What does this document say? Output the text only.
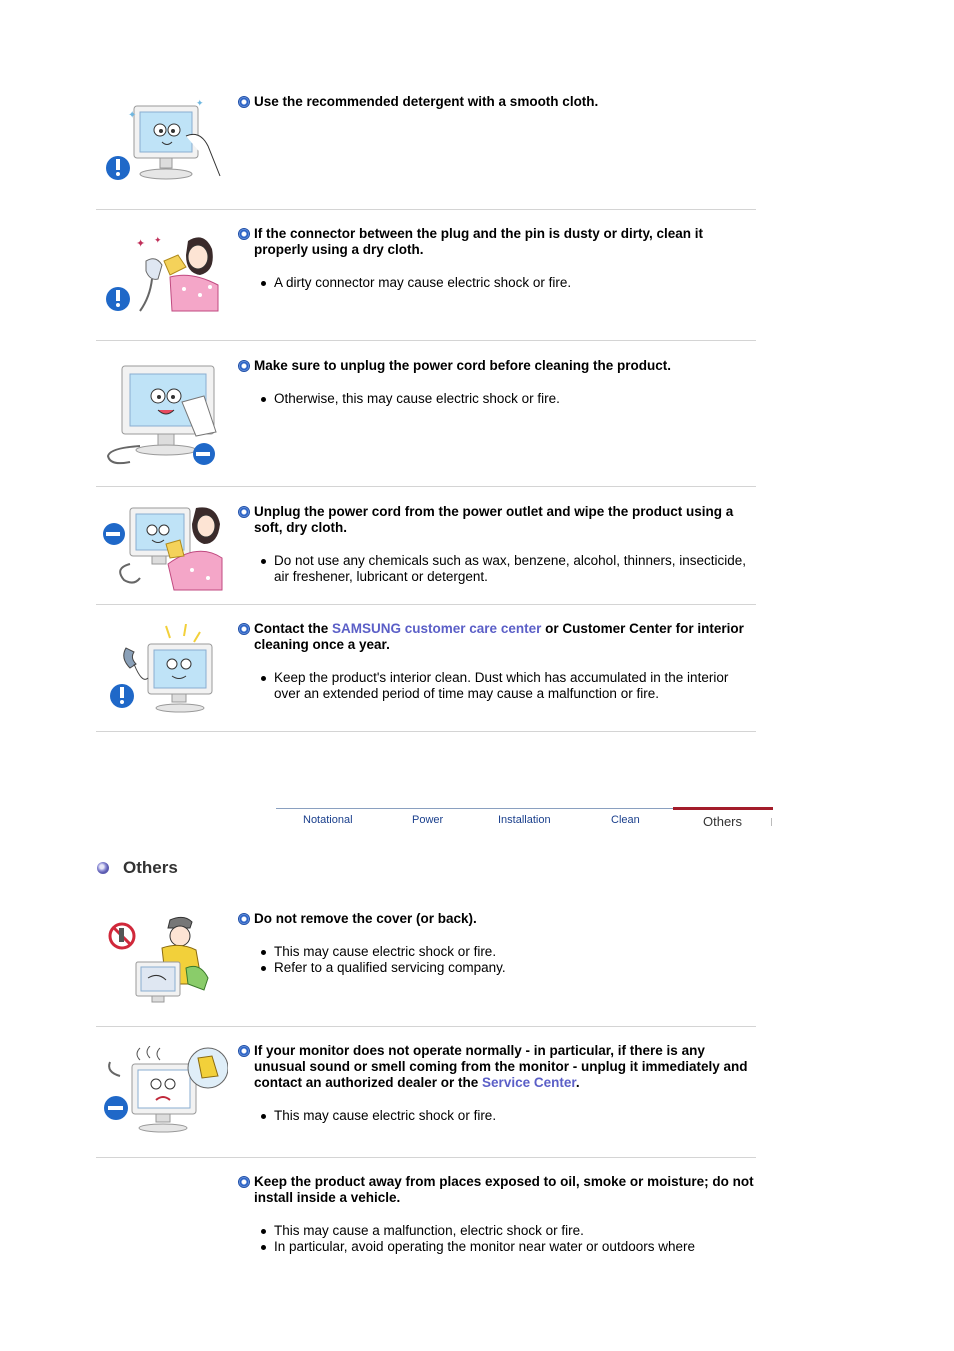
✦
✦	Use the recommended detergent with a smooth cloth.
✦ ✦	If the connector between the plug and the pin is dusty or dirty, clean it properly using a dry cloth.
A dirty connector may cause electric shock or fire.
Make sure to unplug the power cord before cleaning the product.
Otherwise, this may cause electric shock or fire.
Unplug the power cord from the power outlet and wipe the product using a soft, dry cloth.
Do not use any chemicals such as wax, benzene, alcohol, thinners, insecticide, air freshener, lubricant or detergent.
Contact the SAMSUNG customer care center or Customer Center for interior cleaning once a year.
Keep the product's interior clean. Dust which has accumulated in the interior over an extended period of time may cause a malfunction or fire.
Notational	Power	Installation	Clean	Others
Others
Do not remove the cover (or back).
This may cause electric shock or fire.
Refer to a qualified servicing company.
If your monitor does not operate normally - in particular, if there is any unusual sound or smell coming from the monitor - unplug it immediately and contact an authorized dealer or the Service Center.
This may cause electric shock or fire.
Keep the product away from places exposed to oil, smoke or moisture; do not install inside a vehicle.
This may cause a malfunction, electric shock or fire.
In particular, avoid operating the monitor near water or outdoors where
